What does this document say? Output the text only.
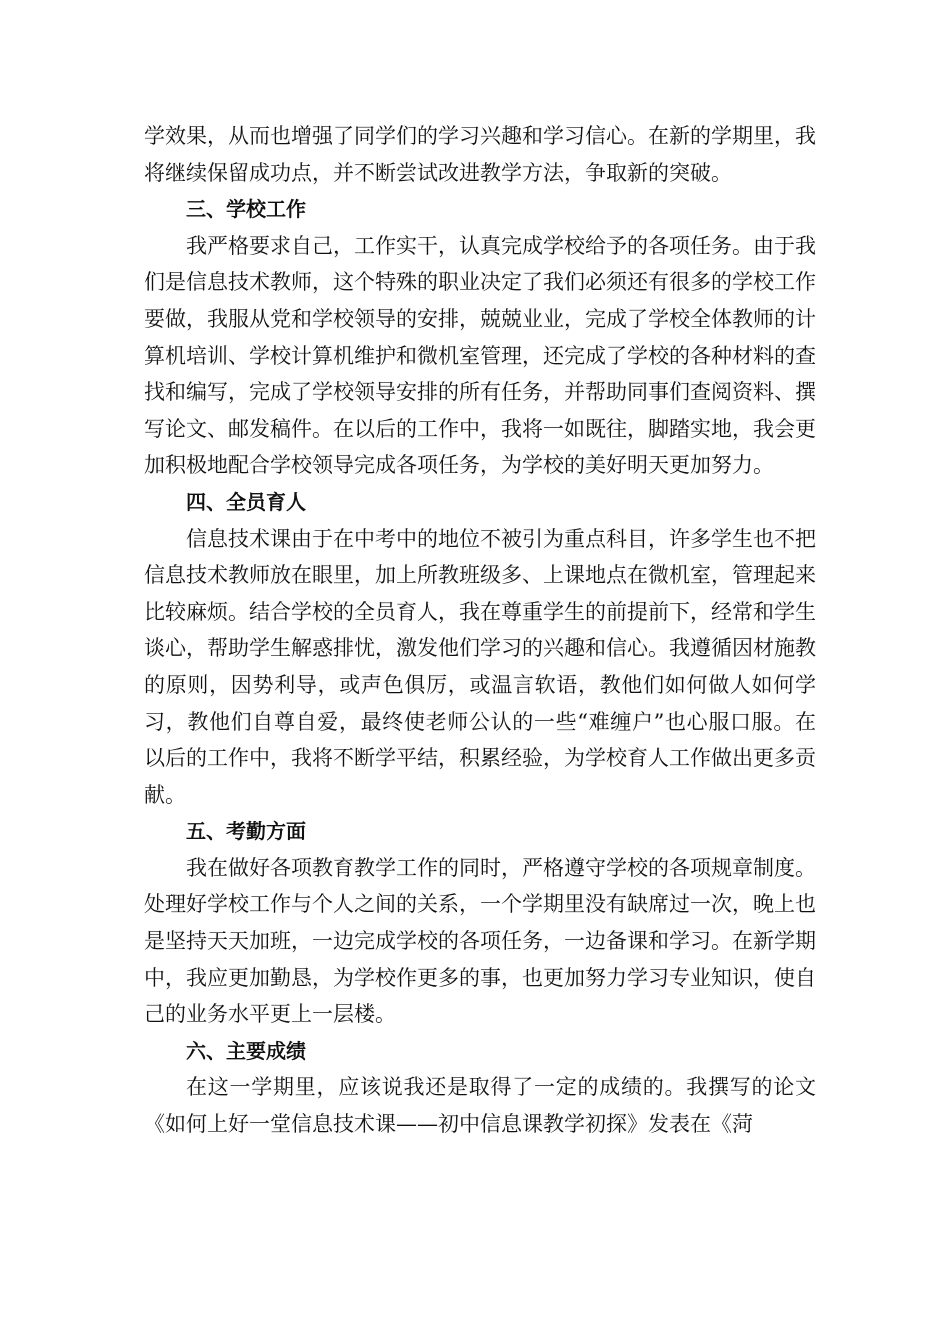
学效果，从而也增强了同学们的学习兴趣和学习信心。在新的学期里，我将继续保留成功点，并不断尝试改进教学方法，争取新的突破。

三、学校工作

我严格要求自己，工作实干，认真完成学校给予的各项任务。由于我们是信息技术教师，这个特殊的职业决定了我们必须还有很多的学校工作要做，我服从党和学校领导的安排，兢兢业业，完成了学校全体教师的计算机培训、学校计算机维护和微机室管理，还完成了学校的各种材料的查找和编写，完成了学校领导安排的所有任务，并帮助同事们查阅资料、撰写论文、邮发稿件。在以后的工作中，我将一如既往，脚踏实地，我会更加积极地配合学校领导完成各项任务，为学校的美好明天更加努力。

四、全员育人

信息技术课由于在中考中的地位不被引为重点科目，许多学生也不把信息技术教师放在眼里，加上所教班级多、上课地点在微机室，管理起来比较麻烦。结合学校的全员育人，我在尊重学生的前提前下，经常和学生谈心，帮助学生解惑排忧，激发他们学习的兴趣和信心。我遵循因材施教的原则，因势利导，或声色俱厉，或温言软语，教他们如何做人如何学习，教他们自尊自爱，最终使老师公认的一些“难缠户”也心服口服。在以后的工作中，我将不断学平结，积累经验，为学校育人工作做出更多贡献。

五、考勤方面

我在做好各项教育教学工作的同时，严格遵守学校的各项规章制度。处理好学校工作与个人之间的关系，一个学期里没有缺席过一次，晚上也是坚持天天加班，一边完成学校的各项任务，一边备课和学习。在新学期中，我应更加勤恳，为学校作更多的事，也更加努力学习专业知识，使自己的业务水平更上一层楼。

六、主要成绩

在这一学期里，应该说我还是取得了一定的成绩的。我撰写的论文《如何上好一堂信息技术课——初中信息课教学初探》发表在《菏
